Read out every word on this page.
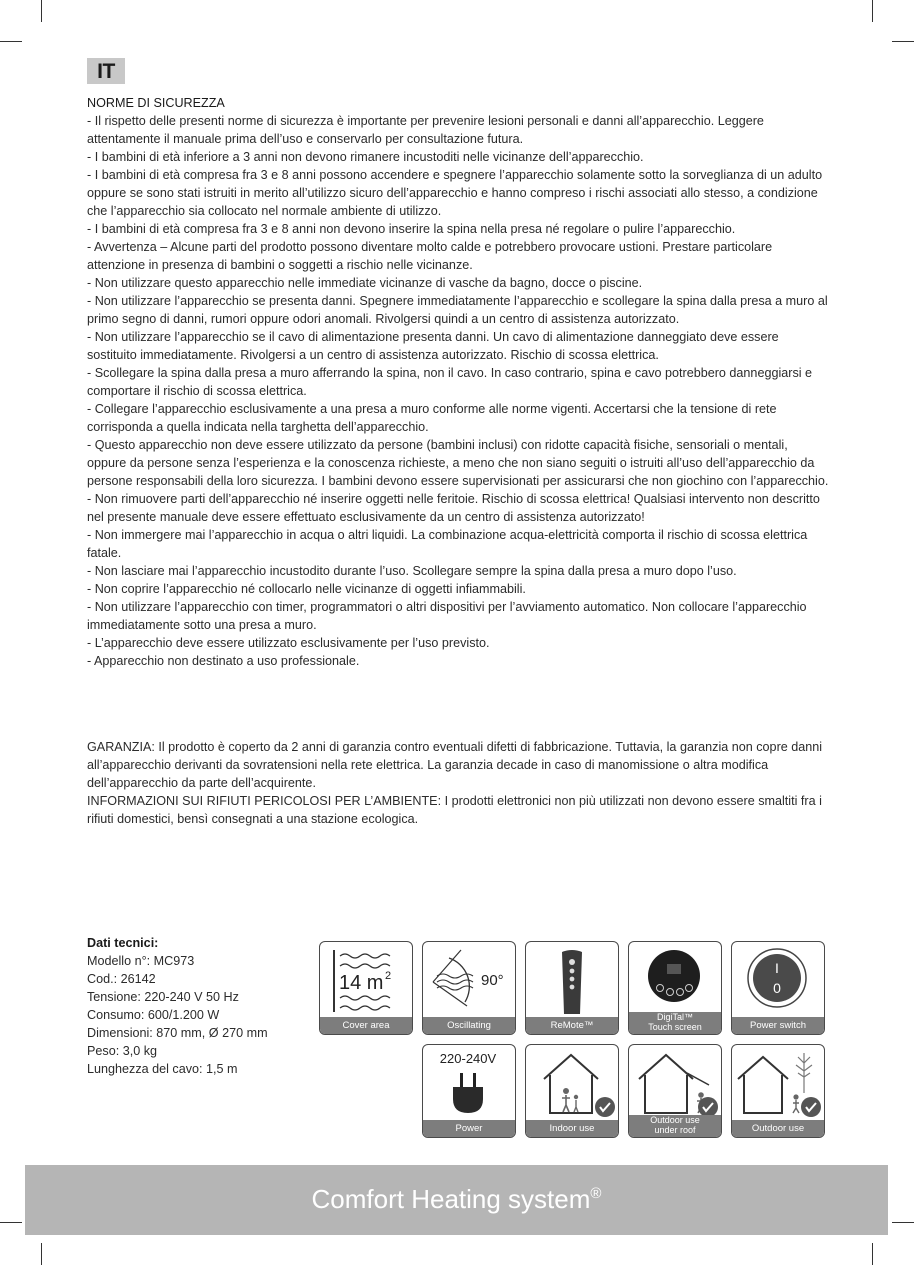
IT

NORME DI SICUREZZA

- Il rispetto delle presenti norme di sicurezza è importante per prevenire lesioni personali e danni all’apparecchio. Leggere attentamente il manuale prima dell’uso e conservarlo per consultazione futura.

- I bambini di età inferiore a 3 anni non devono rimanere incustoditi nelle vicinanze dell’apparecchio.

- I bambini di età compresa fra 3 e 8 anni possono accendere e spegnere l’apparecchio solamente sotto la sorveglianza di un adulto oppure se sono stati istruiti in merito all’utilizzo sicuro dell’apparecchio e hanno compreso i rischi associati allo stesso, a condizione che l’apparecchio sia collocato nel normale ambiente di utilizzo.

- I bambini di età compresa fra 3 e 8 anni non devono inserire la spina nella presa né regolare o pulire l’apparecchio.

- Avvertenza – Alcune parti del prodotto possono diventare molto calde e potrebbero provocare ustioni. Prestare particolare attenzione in presenza di bambini o soggetti a rischio nelle vicinanze.

- Non utilizzare questo apparecchio nelle immediate vicinanze di vasche da bagno, docce o piscine.

- Non utilizzare l’apparecchio se presenta danni. Spegnere immediatamente l’apparecchio e scollegare la spina dalla presa a muro al primo segno di danni, rumori oppure odori anomali. Rivolgersi quindi a un centro di assistenza autorizzato.

- Non utilizzare l’apparecchio se il cavo di alimentazione presenta danni. Un cavo di alimentazione danneggiato deve essere sostituito immediatamente. Rivolgersi a un centro di assistenza autorizzato. Rischio di scossa elettrica.

- Scollegare la spina dalla presa a muro afferrando la spina, non il cavo. In caso contrario, spina e cavo potrebbero danneggiarsi e comportare il rischio di scossa elettrica.

- Collegare l’apparecchio esclusivamente a una presa a muro conforme alle norme vigenti. Accertarsi che la tensione di rete corrisponda a quella indicata nella targhetta dell’apparecchio.

- Questo apparecchio non deve essere utilizzato da persone (bambini inclusi) con ridotte capacità fisiche, sensoriali o mentali, oppure da persone senza l’esperienza e la conoscenza richieste, a meno che non siano seguiti o istruiti all’uso dell’apparecchio da persone responsabili della loro sicurezza. I bambini devono essere supervisionati per assicurarsi che non giochino con l’apparecchio.

- Non rimuovere parti dell’apparecchio né inserire oggetti nelle feritoie. Rischio di scossa elettrica! Qualsiasi intervento non descritto nel presente manuale deve essere effettuato esclusivamente da un centro di assistenza autorizzato!

- Non immergere mai l’apparecchio in acqua o altri liquidi. La combinazione acqua-elettricità comporta il rischio di scossa elettrica fatale.

- Non lasciare mai l’apparecchio incustodito durante l’uso. Scollegare sempre la spina dalla presa a muro dopo l’uso.

- Non coprire l’apparecchio né collocarlo nelle vicinanze di oggetti infiammabili.

- Non utilizzare l’apparecchio con timer, programmatori o altri dispositivi per l’avviamento automatico. Non collocare l’apparecchio immediatamente sotto una presa a muro.

- L’apparecchio deve essere utilizzato esclusivamente per l’uso previsto.

- Apparecchio non destinato a uso professionale.

GARANZIA: Il prodotto è coperto da 2 anni di garanzia contro eventuali difetti di fabbricazione. Tuttavia, la garanzia non copre danni all’apparecchio derivanti da sovratensioni nella rete elettrica. La garanzia decade in caso di manomissione o altra modifica dell’apparecchio da parte dell’acquirente.

INFORMAZIONI SUI RIFIUTI PERICOLOSI PER L’AMBIENTE: I prodotti elettronici non più utilizzati non devono essere smaltiti fra i rifiuti domestici, bensì consegnati a una stazione ecologica.

Dati tecnici:
Modello n°: MC973
Cod.: 26142
Tensione: 220-240 V 50 Hz
Consumo: 600/1.200 W
Dimensioni: 870 mm, Ø 270 mm
Peso: 3,0 kg
Lunghezza del cavo: 1,5 m
14 m 2
Cover area
90°
Oscillating	ReMote™
DigiTal™
Touch screen
I
0
Power switch
220-240V
Power	Indoor use
Outdoor use
under roof	Outdoor use
Comfort Heating system®
